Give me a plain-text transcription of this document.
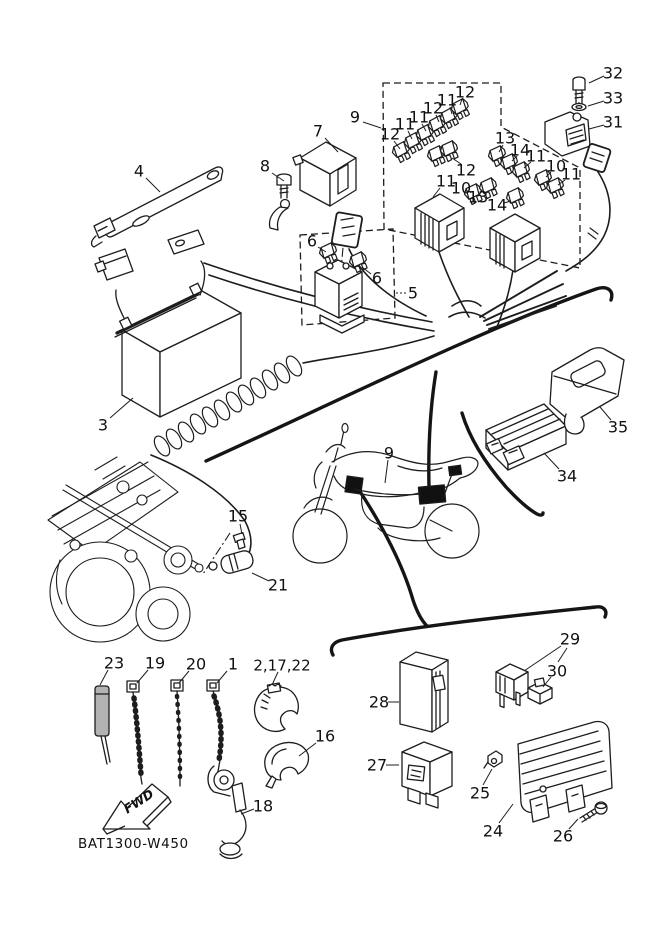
FWD
BAT1300-W450
4	8
7
9
12
11
11
12
11
12
12
11
10
13
14
13
14
11
10
11
32
33
31
6
6
5
3
9
15
21
34
35
23 19 20 1 2,17,22
16
18
28
29
30
27
25
24	26
